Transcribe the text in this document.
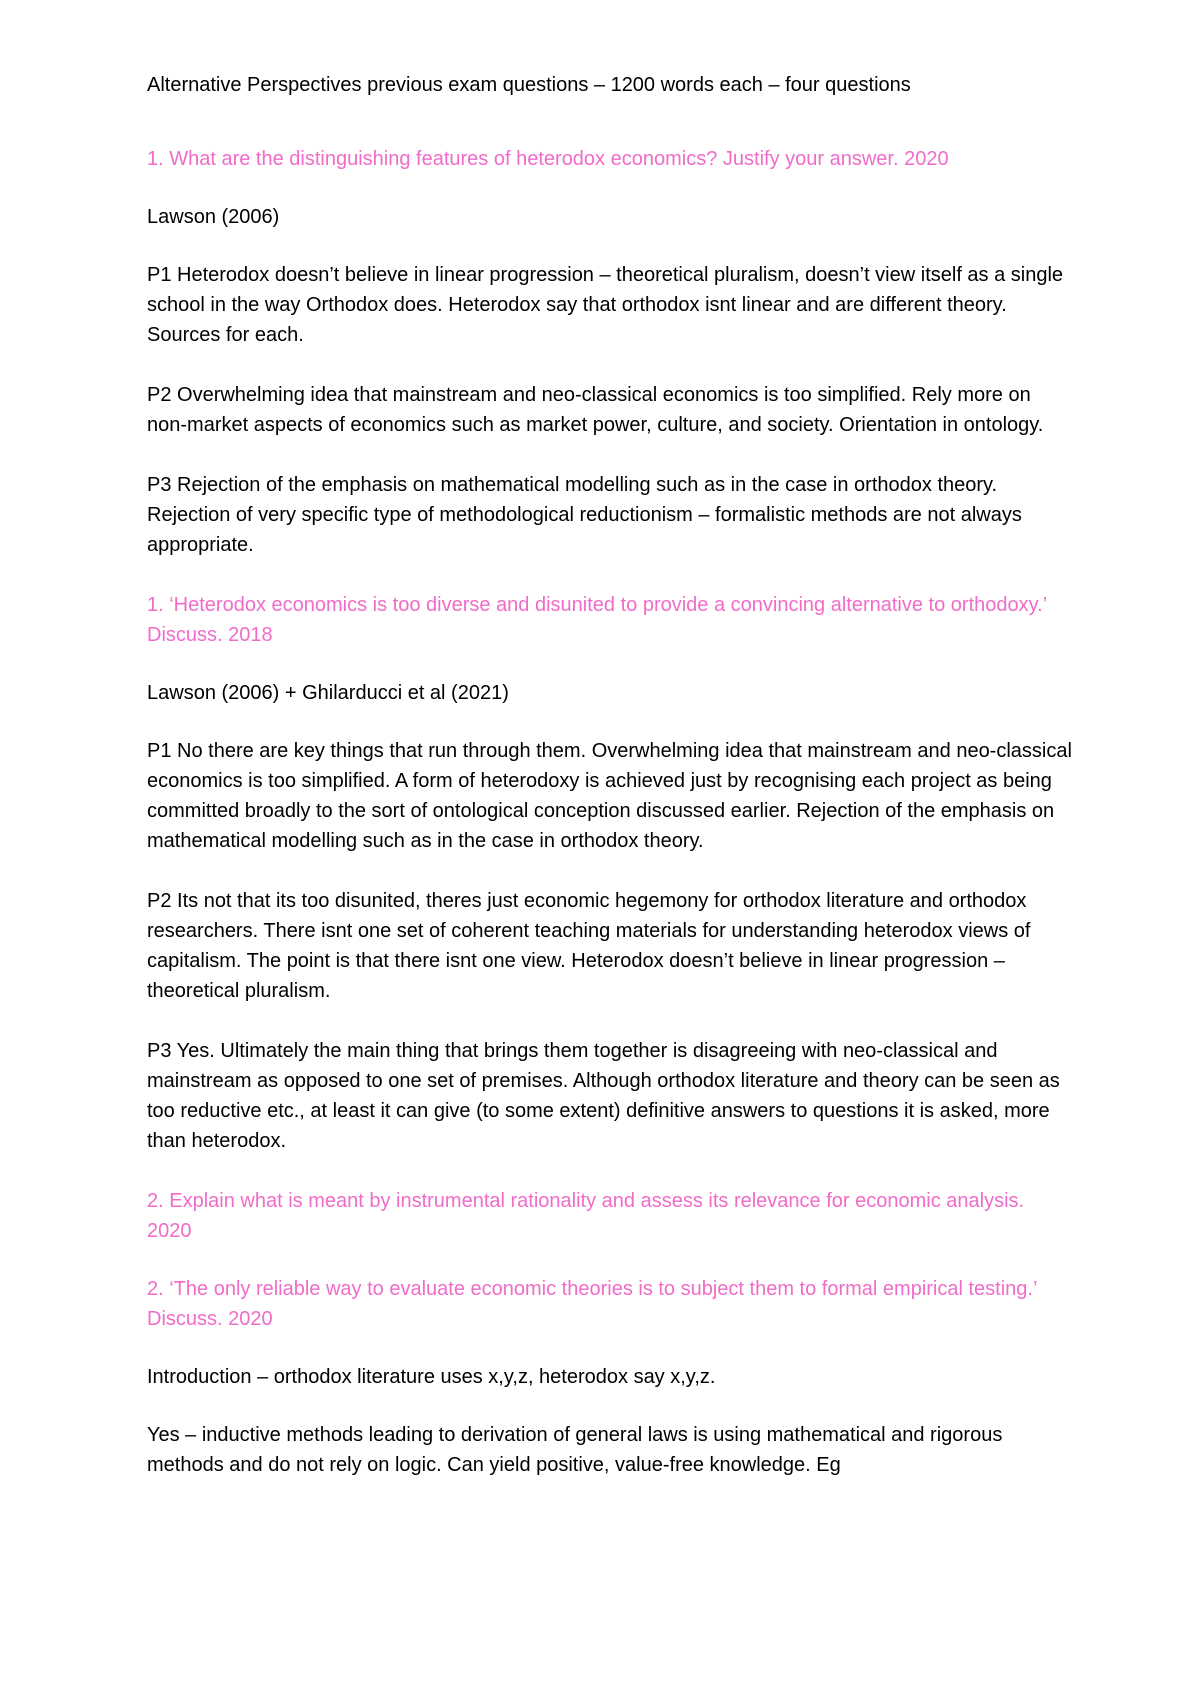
Alternative Perspectives previous exam questions – 1200 words each – four questions

1. What are the distinguishing features of heterodox economics? Justify your answer. 2020

Lawson (2006)

P1 Heterodox doesn’t believe in linear progression – theoretical pluralism, doesn’t view itself as a single school in the way Orthodox does. Heterodox say that orthodox isnt linear and are different theory. Sources for each.

P2 Overwhelming idea that mainstream and neo-classical economics is too simplified. Rely more on non-market aspects of economics such as market power, culture, and society. Orientation in ontology.

P3 Rejection of the emphasis on mathematical modelling such as in the case in orthodox theory.  Rejection of very specific type of methodological reductionism – formalistic methods are not always appropriate.

1. ‘Heterodox economics is too diverse and disunited to provide a convincing alternative to orthodoxy.’ Discuss. 2018

Lawson (2006) + Ghilarducci et al (2021)

P1 No there are key things that run through them. Overwhelming idea that mainstream and neo-classical economics is too simplified. A form of heterodoxy is achieved just by recognising each project as being committed broadly to the sort of ontological conception discussed earlier. Rejection of the emphasis on mathematical modelling such as in the case in orthodox theory.

P2 Its not that its too disunited, theres just economic hegemony for orthodox literature and orthodox researchers. There isnt one set of coherent teaching materials for understanding heterodox views of capitalism. The point is that there isnt one view. Heterodox doesn’t believe in linear progression – theoretical pluralism.

P3 Yes. Ultimately the main thing that brings them together is disagreeing with neo-classical and mainstream as opposed to one set of premises. Although orthodox literature and theory can be seen as too reductive etc., at least it can give (to some extent) definitive answers to questions it is asked, more than heterodox.

2. Explain what is meant by instrumental rationality and assess its relevance for economic analysis. 2020

2. ‘The only reliable way to evaluate economic theories is to subject them to formal empirical testing.’ Discuss. 2020

Introduction – orthodox literature uses x,y,z, heterodox say x,y,z.

Yes – inductive methods leading to derivation of general laws is using mathematical and rigorous methods and do not rely on logic. Can yield positive, value-free knowledge. Eg
